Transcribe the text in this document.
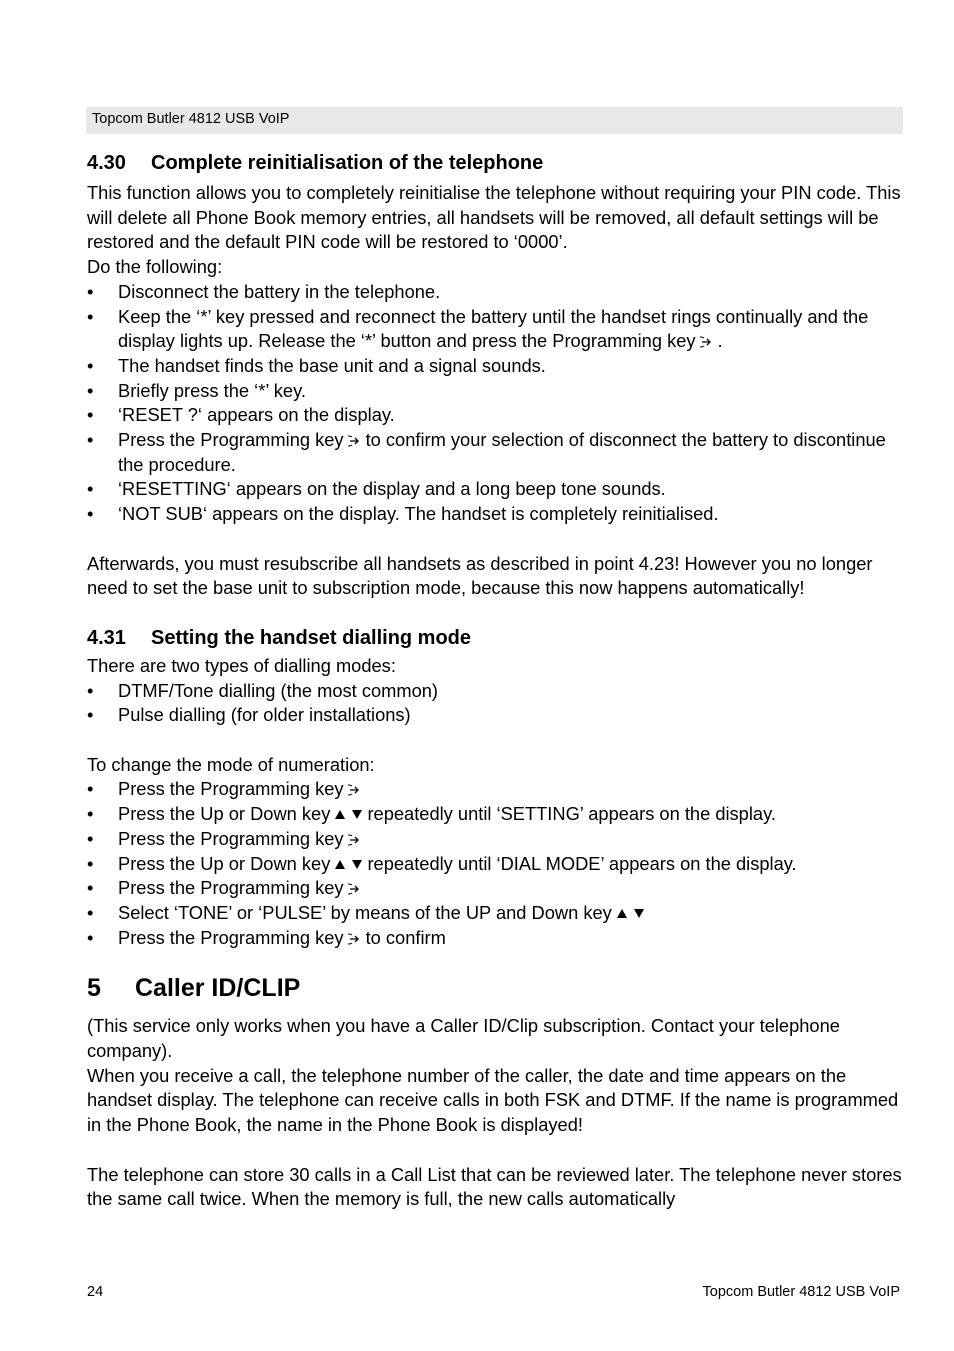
Topcom Butler 4812 USB VoIP
4.30 Complete reinitialisation of the telephone

This function allows you to completely reinitialise the telephone without requiring your PIN code. This will delete all Phone Book memory entries, all handsets will be removed, all default settings will be restored and the default PIN code will be restored to ‘0000’.

Do the following:

• Disconnect the battery in the telephone.
• Keep the ‘*’ key pressed and reconnect the battery until the handset rings continually and the display lights up. Release the ‘*’ button and press the Programming key .
• The handset finds the base unit and a signal sounds.
• Briefly press the ‘*’ key.
• ‘RESET ?‘ appears on the display.
• Press the Programming key to confirm your selection of disconnect the battery to discontinue the procedure.
• ‘RESETTING‘ appears on the display and a long beep tone sounds.
• ‘NOT SUB‘ appears on the display. The handset is completely reinitialised.

Afterwards, you must resubscribe all handsets as described in point 4.23! However you no longer need to set the base unit to subscription mode, because this now happens automatically!

4.31 Setting the handset dialling mode

There are two types of dialling modes:

• DTMF/Tone dialling (the most common)
• Pulse dialling (for older installations)

To change the mode of numeration:

• Press the Programming key
• Press the Up or Down key repeatedly until ‘SETTING’ appears on the display.
• Press the Programming key
• Press the Up or Down key repeatedly until ‘DIAL MODE’ appears on the display.
• Press the Programming key
• Select ‘TONE’ or ‘PULSE’ by means of the UP and Down key
• Press the Programming key to confirm
5 Caller ID/CLIP

(This service only works when you have a Caller ID/Clip subscription. Contact your telephone company).

When you receive a call, the telephone number of the caller, the date and time appears on the handset display. The telephone can receive calls in both FSK and DTMF. If the name is programmed in the Phone Book, the name in the Phone Book is displayed!

The telephone can store 30 calls in a Call List that can be reviewed later. The telephone never stores the same call twice. When the memory is full, the new calls automatically

24	Topcom Butler 4812 USB VoIP
